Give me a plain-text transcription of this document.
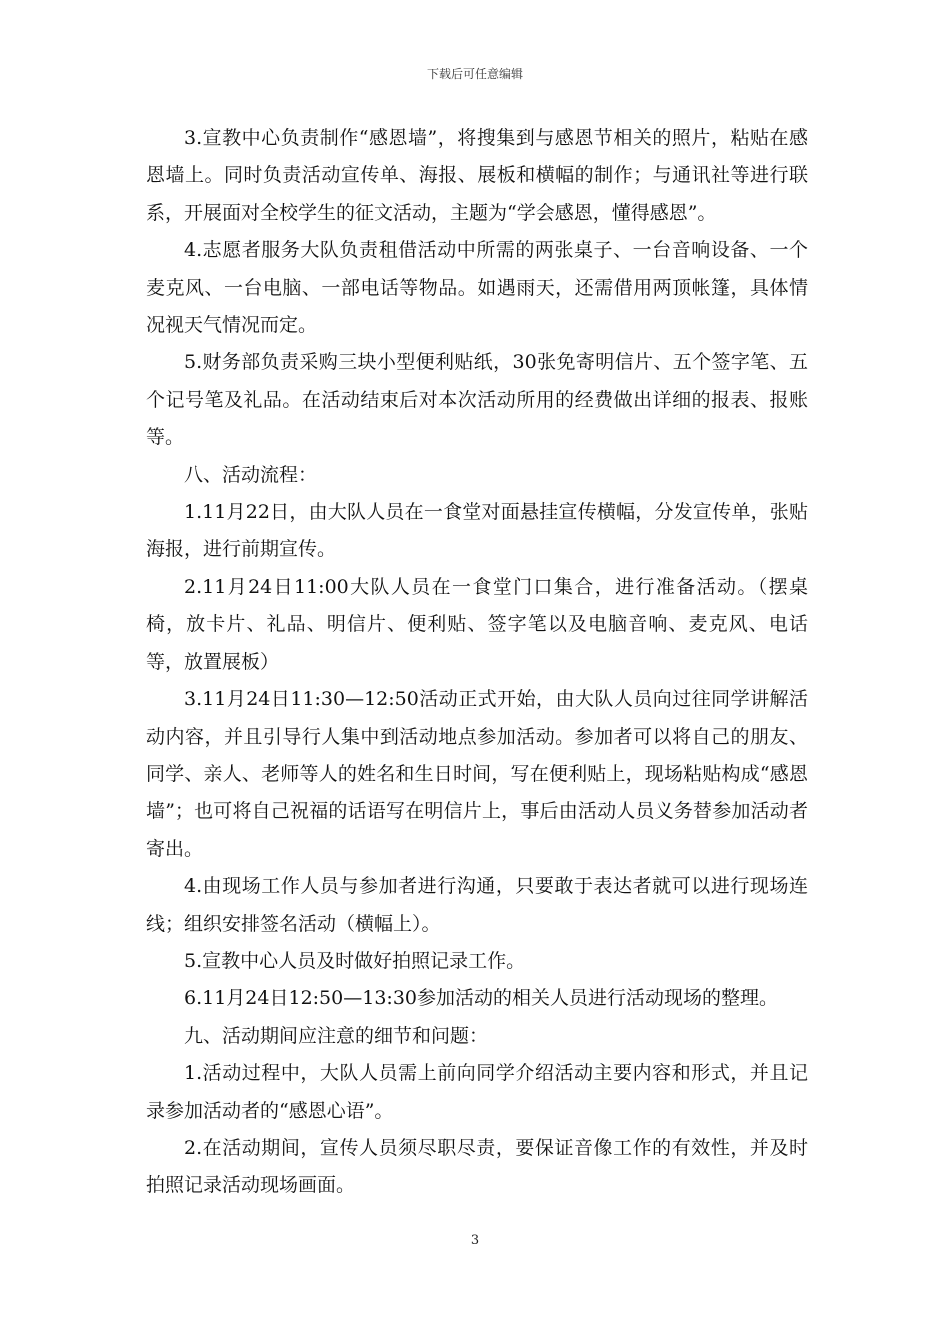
下载后可任意编辑

3.宣教中心负责制作“感恩墙”，将搜集到与感恩节相关的照片，粘贴在感恩墙上。同时负责活动宣传单、海报、展板和横幅的制作；与通讯社等进行联系，开展面对全校学生的征文活动，主题为“学会感恩，懂得感恩”。

4.志愿者服务大队负责租借活动中所需的两张桌子、一台音响设备、一个麦克风、一台电脑、一部电话等物品。如遇雨天，还需借用两顶帐篷，具体情况视天气情况而定。

5.财务部负责采购三块小型便利贴纸，30张免寄明信片、五个签字笔、五个记号笔及礼品。在活动结束后对本次活动所用的经费做出详细的报表、报账等。

八、活动流程：

1.11月22日，由大队人员在一食堂对面悬挂宣传横幅，分发宣传单，张贴海报，进行前期宣传。

2.11月24日11:00大队人员在一食堂门口集合，进行准备活动。（摆桌椅，放卡片、礼品、明信片、便利贴、签字笔以及电脑音响、麦克风、电话等，放置展板）

3.11月24日11:30—12:50活动正式开始，由大队人员向过往同学讲解活动内容，并且引导行人集中到活动地点参加活动。参加者可以将自己的朋友、同学、亲人、老师等人的姓名和生日时间，写在便利贴上，现场粘贴构成“感恩墙”；也可将自己祝福的话语写在明信片上，事后由活动人员义务替参加活动者寄出。

4.由现场工作人员与参加者进行沟通，只要敢于表达者就可以进行现场连线；组织安排签名活动（横幅上）。

5.宣教中心人员及时做好拍照记录工作。

6.11月24日12:50—13:30参加活动的相关人员进行活动现场的整理。

九、活动期间应注意的细节和问题：

1.活动过程中，大队人员需上前向同学介绍活动主要内容和形式，并且记录参加活动者的“感恩心语”。

2.在活动期间，宣传人员须尽职尽责，要保证音像工作的有效性，并及时拍照记录活动现场画面。

3
